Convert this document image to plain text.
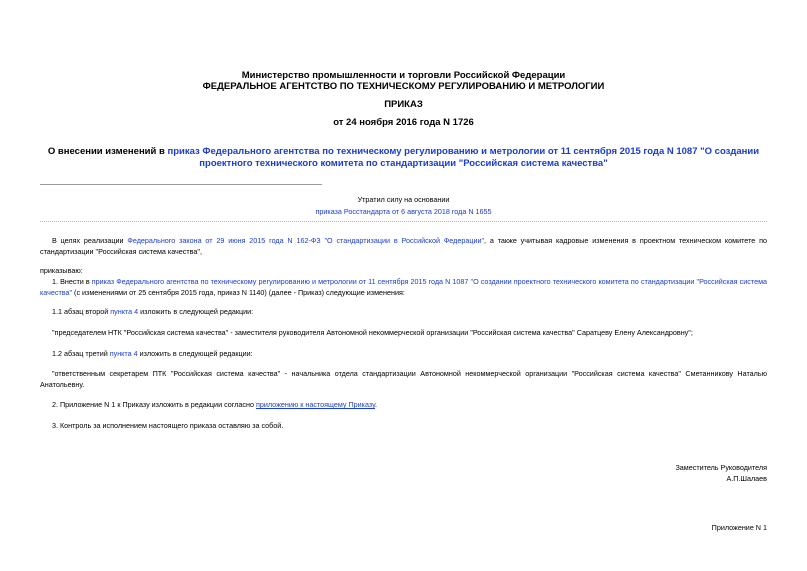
Министерство промышленности и торговли Российской Федерации
ФЕДЕРАЛЬНОЕ АГЕНТСТВО ПО ТЕХНИЧЕСКОМУ РЕГУЛИРОВАНИЮ И МЕТРОЛОГИИ
ПРИКАЗ
от 24 ноября 2016 года N 1726
О внесении изменений в приказ Федерального агентства по техническому регулированию и метрологии от 11 сентября 2015 года N 1087 "О создании проектного технического комитета по стандартизации "Российская система качества"
Утратил силу на основании
приказа Росстандарта от 6 августа 2018 года N 1655
В целях реализации Федерального закона от 29 июня 2015 года N 162-ФЗ "О стандартизации в Российской Федерации", а также учитывая кадровые изменения в проектном техническом комитете по стандартизации "Российская система качества",
приказываю:
1. Внести в приказ Федерального агентства по техническому регулированию и метрологии от 11 сентября 2015 года N 1087 "О создании проектного технического комитета по стандартизации "Российская система качества" (с изменениями от 25 сентября 2015 года, приказ N 1140) (далее - Приказ) следующие изменения:
1.1 абзац второй пункта 4 изложить в следующей редакции:
"председателем НТК "Российская система качества" - заместителя руководителя Автономной некоммерческой организации "Российская система качества" Саратцеву Елену Александровну";
1.2 абзац третий пункта 4 изложить в следующей редакции:
"ответственным секретарем ПТК "Российская система качества" - начальника отдела стандартизации Автономной некоммерческой организации "Российская система качества" Сметанникову Наталью Анатольевну.
2. Приложение N 1 к Приказу изложить в редакции согласно приложению к настоящему Приказу.
3. Контроль за исполнением настоящего приказа оставляю за собой.
Заместитель Руководителя
А.П.Шалаев
Приложение N 1
